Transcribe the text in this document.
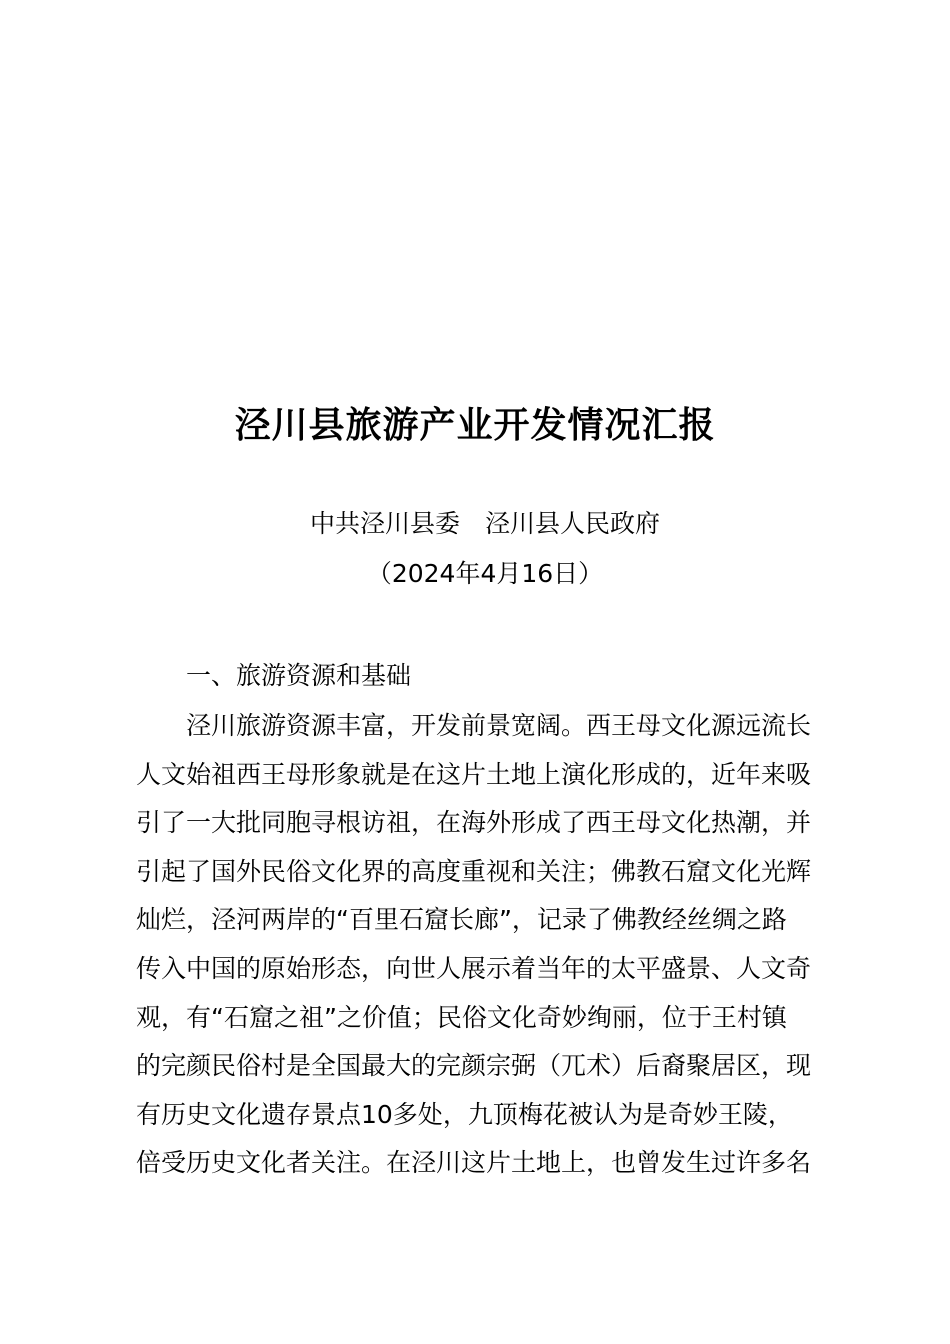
泾川县旅游产业开发情况汇报
中共泾川县委　泾川县人民政府
（2024年4月16日）
一、旅游资源和基础
泾川旅游资源丰富，开发前景宽阔。西王母文化源远流长
人文始祖西王母形象就是在这片土地上演化形成的，近年来吸
引了一大批同胞寻根访祖，在海外形成了西王母文化热潮，并
引起了国外民俗文化界的高度重视和关注；佛教石窟文化光辉
灿烂，泾河两岸的“百里石窟长廊”，记录了佛教经丝绸之路
传入中国的原始形态，向世人展示着当年的太平盛景、人文奇
观，有“石窟之祖”之价值；民俗文化奇妙绚丽，位于王村镇
的完颜民俗村是全国最大的完颜宗弼（兀术）后裔聚居区，现
有历史文化遗存景点10多处，九顶梅花被认为是奇妙王陵，
倍受历史文化者关注。在泾川这片土地上，也曾发生过许多名
